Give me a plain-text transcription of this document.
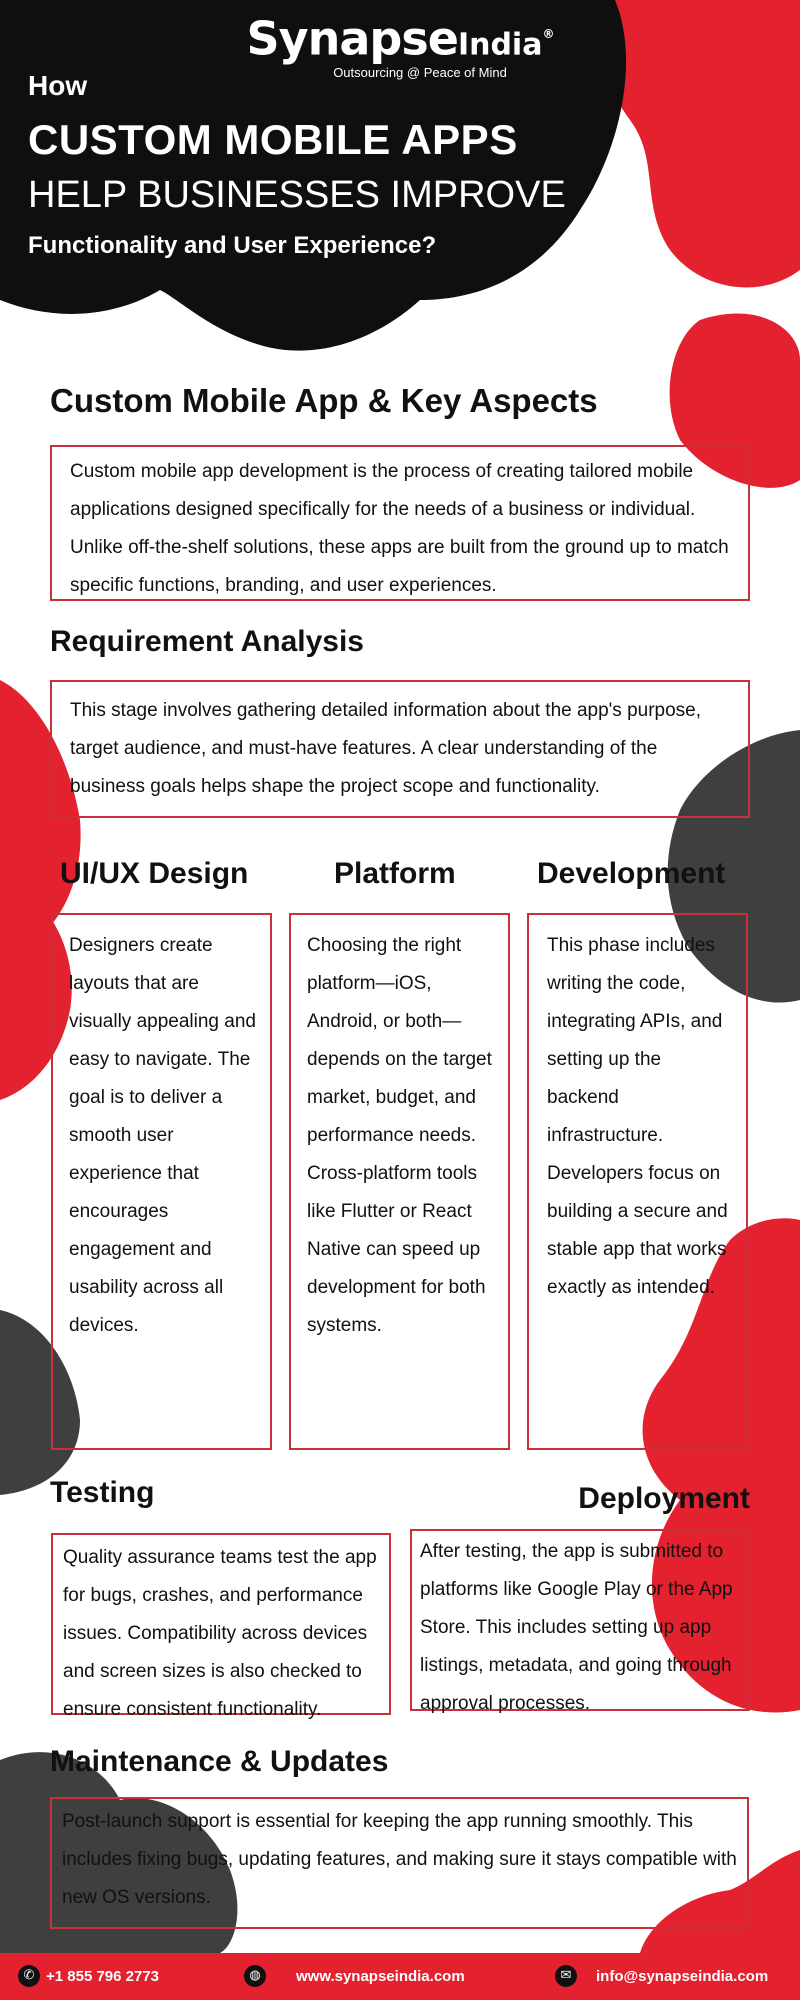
SynapseIndia®
Outsourcing @ Peace of Mind
How
CUSTOM MOBILE APPS
HELP BUSINESSES IMPROVE
Functionality and User Experience?
Custom Mobile App & Key Aspects

Custom mobile app development is the process of creating tailored mobile applications designed specifically for the needs of a business or individual. Unlike off-the-shelf solutions, these apps are built from the ground up to match specific functions, branding, and user experiences.

Requirement Analysis

This stage involves gathering detailed information about the app's purpose, target audience, and must-have features. A clear understanding of the business goals helps shape the project scope and functionality.

UI/UX Design	Platform	Development

Designers create layouts that are visually appealing and easy to navigate. The goal is to deliver a smooth user experience that encourages engagement and usability across all devices.

Choosing the right platform—iOS, Android, or both—depends on the target market, budget, and performance needs. Cross-platform tools like Flutter or React Native can speed up development for both systems.

This phase includes writing the code, integrating APIs, and setting up the backend infrastructure. Developers focus on building a secure and stable app that works exactly as intended.

Testing	Deployment

Quality assurance teams test the app for bugs, crashes, and performance issues. Compatibility across devices and screen sizes is also checked to ensure consistent functionality.

After testing, the app is submitted to platforms like Google Play or the App Store. This includes setting up app listings, metadata, and going through approval processes.

Maintenance & Updates

Post-launch support is essential for keeping the app running smoothly. This includes fixing bugs, updating features, and making sure it stays compatible with new OS versions.

✆ +1 855 796 2773	◍	www.synapseindia.com	✉	info@synapseindia.com
